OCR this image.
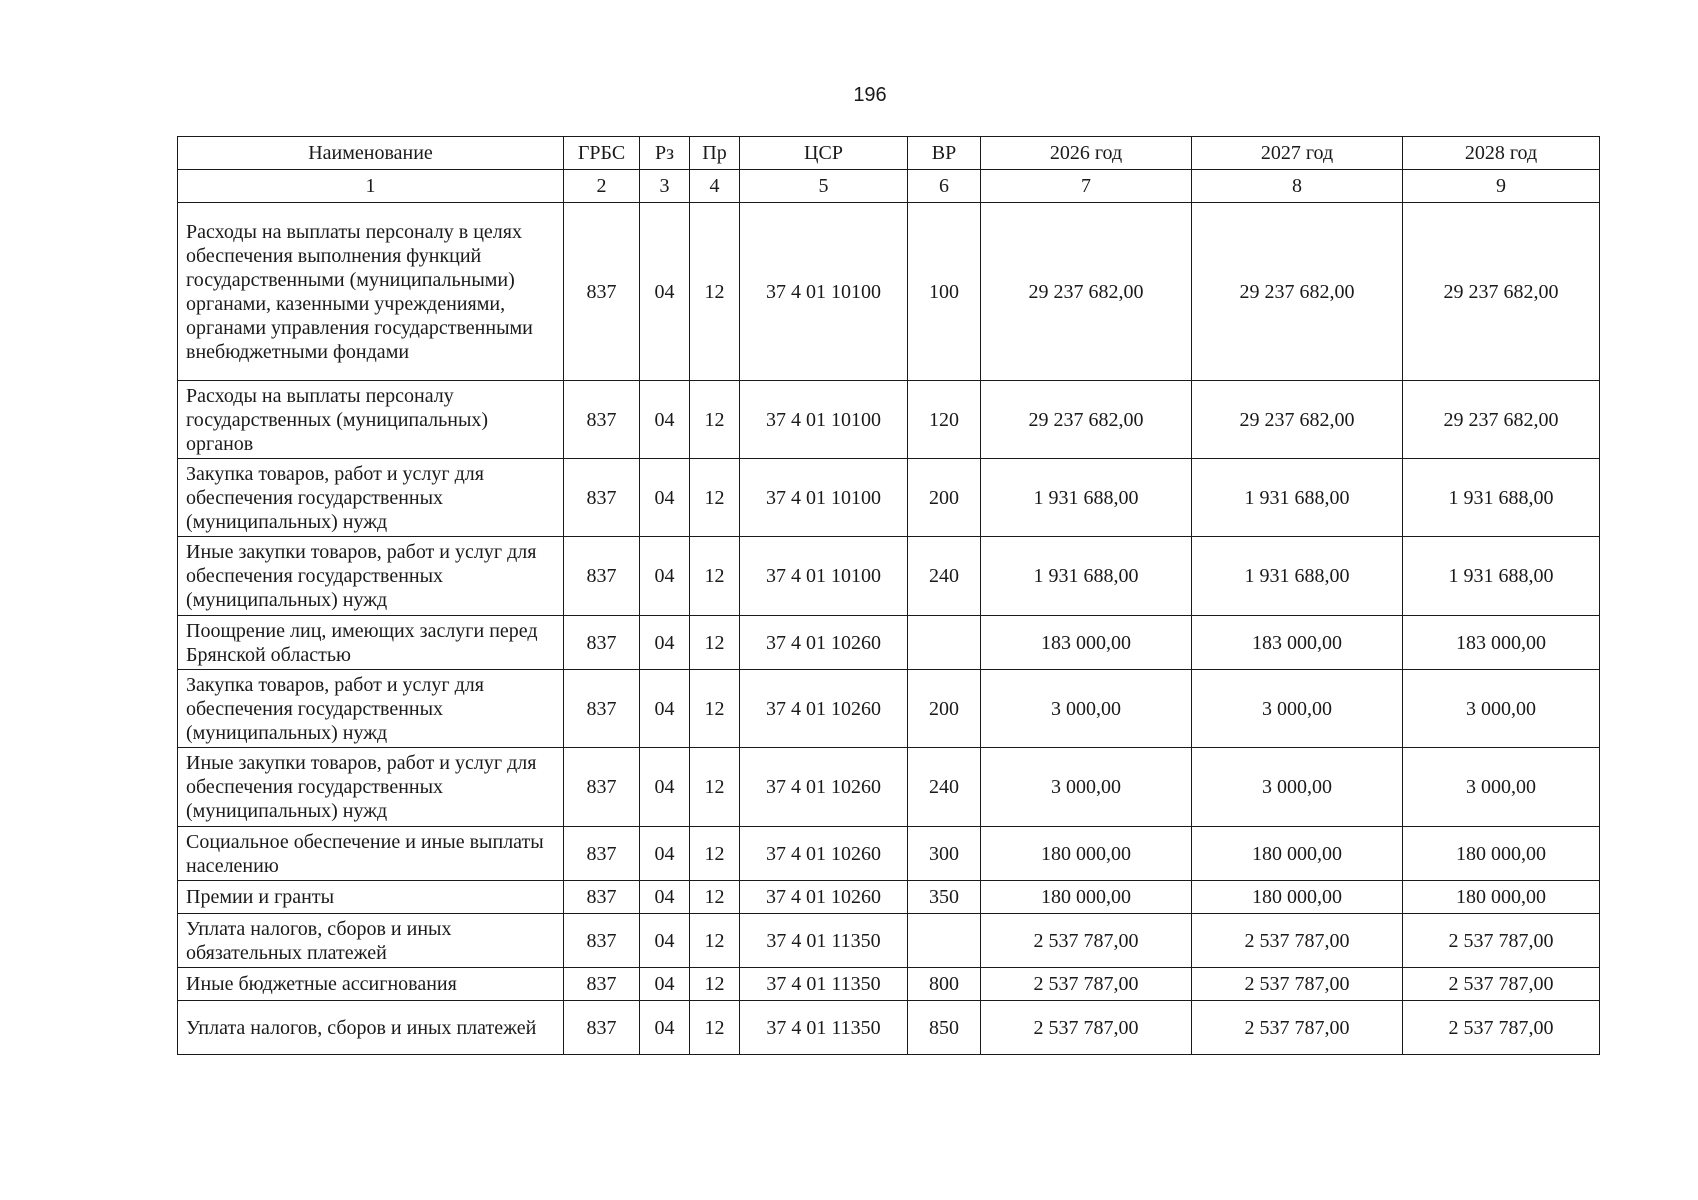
196
Наименование	ГРБС	Рз	Пр	ЦСР	ВР	2026 год	2027 год	2028 год
1	2	3	4	5	6	7	8	9
Расходы на выплаты персоналу в целях обеспечения выполнения функций государственными (муниципальными) органами, казенными учреждениями, органами управления государственными внебюджетными фондами	837	04	12	37 4 01 10100	100	29 237 682,00	29 237 682,00	29 237 682,00
Расходы на выплаты персоналу государственных (муниципальных) органов	837	04	12	37 4 01 10100	120	29 237 682,00	29 237 682,00	29 237 682,00
Закупка товаров, работ и услуг для обеспечения государственных (муниципальных) нужд	837	04	12	37 4 01 10100	200	1 931 688,00	1 931 688,00	1 931 688,00
Иные закупки товаров, работ и услуг для обеспечения государственных (муниципальных) нужд	837	04	12	37 4 01 10100	240	1 931 688,00	1 931 688,00	1 931 688,00
Поощрение лиц, имеющих заслуги перед Брянской областью	837	04	12	37 4 01 10260		183 000,00	183 000,00	183 000,00
Закупка товаров, работ и услуг для обеспечения государственных (муниципальных) нужд	837	04	12	37 4 01 10260	200	3 000,00	3 000,00	3 000,00
Иные закупки товаров, работ и услуг для обеспечения государственных (муниципальных) нужд	837	04	12	37 4 01 10260	240	3 000,00	3 000,00	3 000,00
Социальное обеспечение и иные выплаты населению	837	04	12	37 4 01 10260	300	180 000,00	180 000,00	180 000,00
Премии и гранты	837	04	12	37 4 01 10260	350	180 000,00	180 000,00	180 000,00
Уплата налогов, сборов и иных обязательных платежей	837	04	12	37 4 01 11350		2 537 787,00	2 537 787,00	2 537 787,00
Иные бюджетные ассигнования	837	04	12	37 4 01 11350	800	2 537 787,00	2 537 787,00	2 537 787,00
Уплата налогов, сборов и иных платежей	837	04	12	37 4 01 11350	850	2 537 787,00	2 537 787,00	2 537 787,00
